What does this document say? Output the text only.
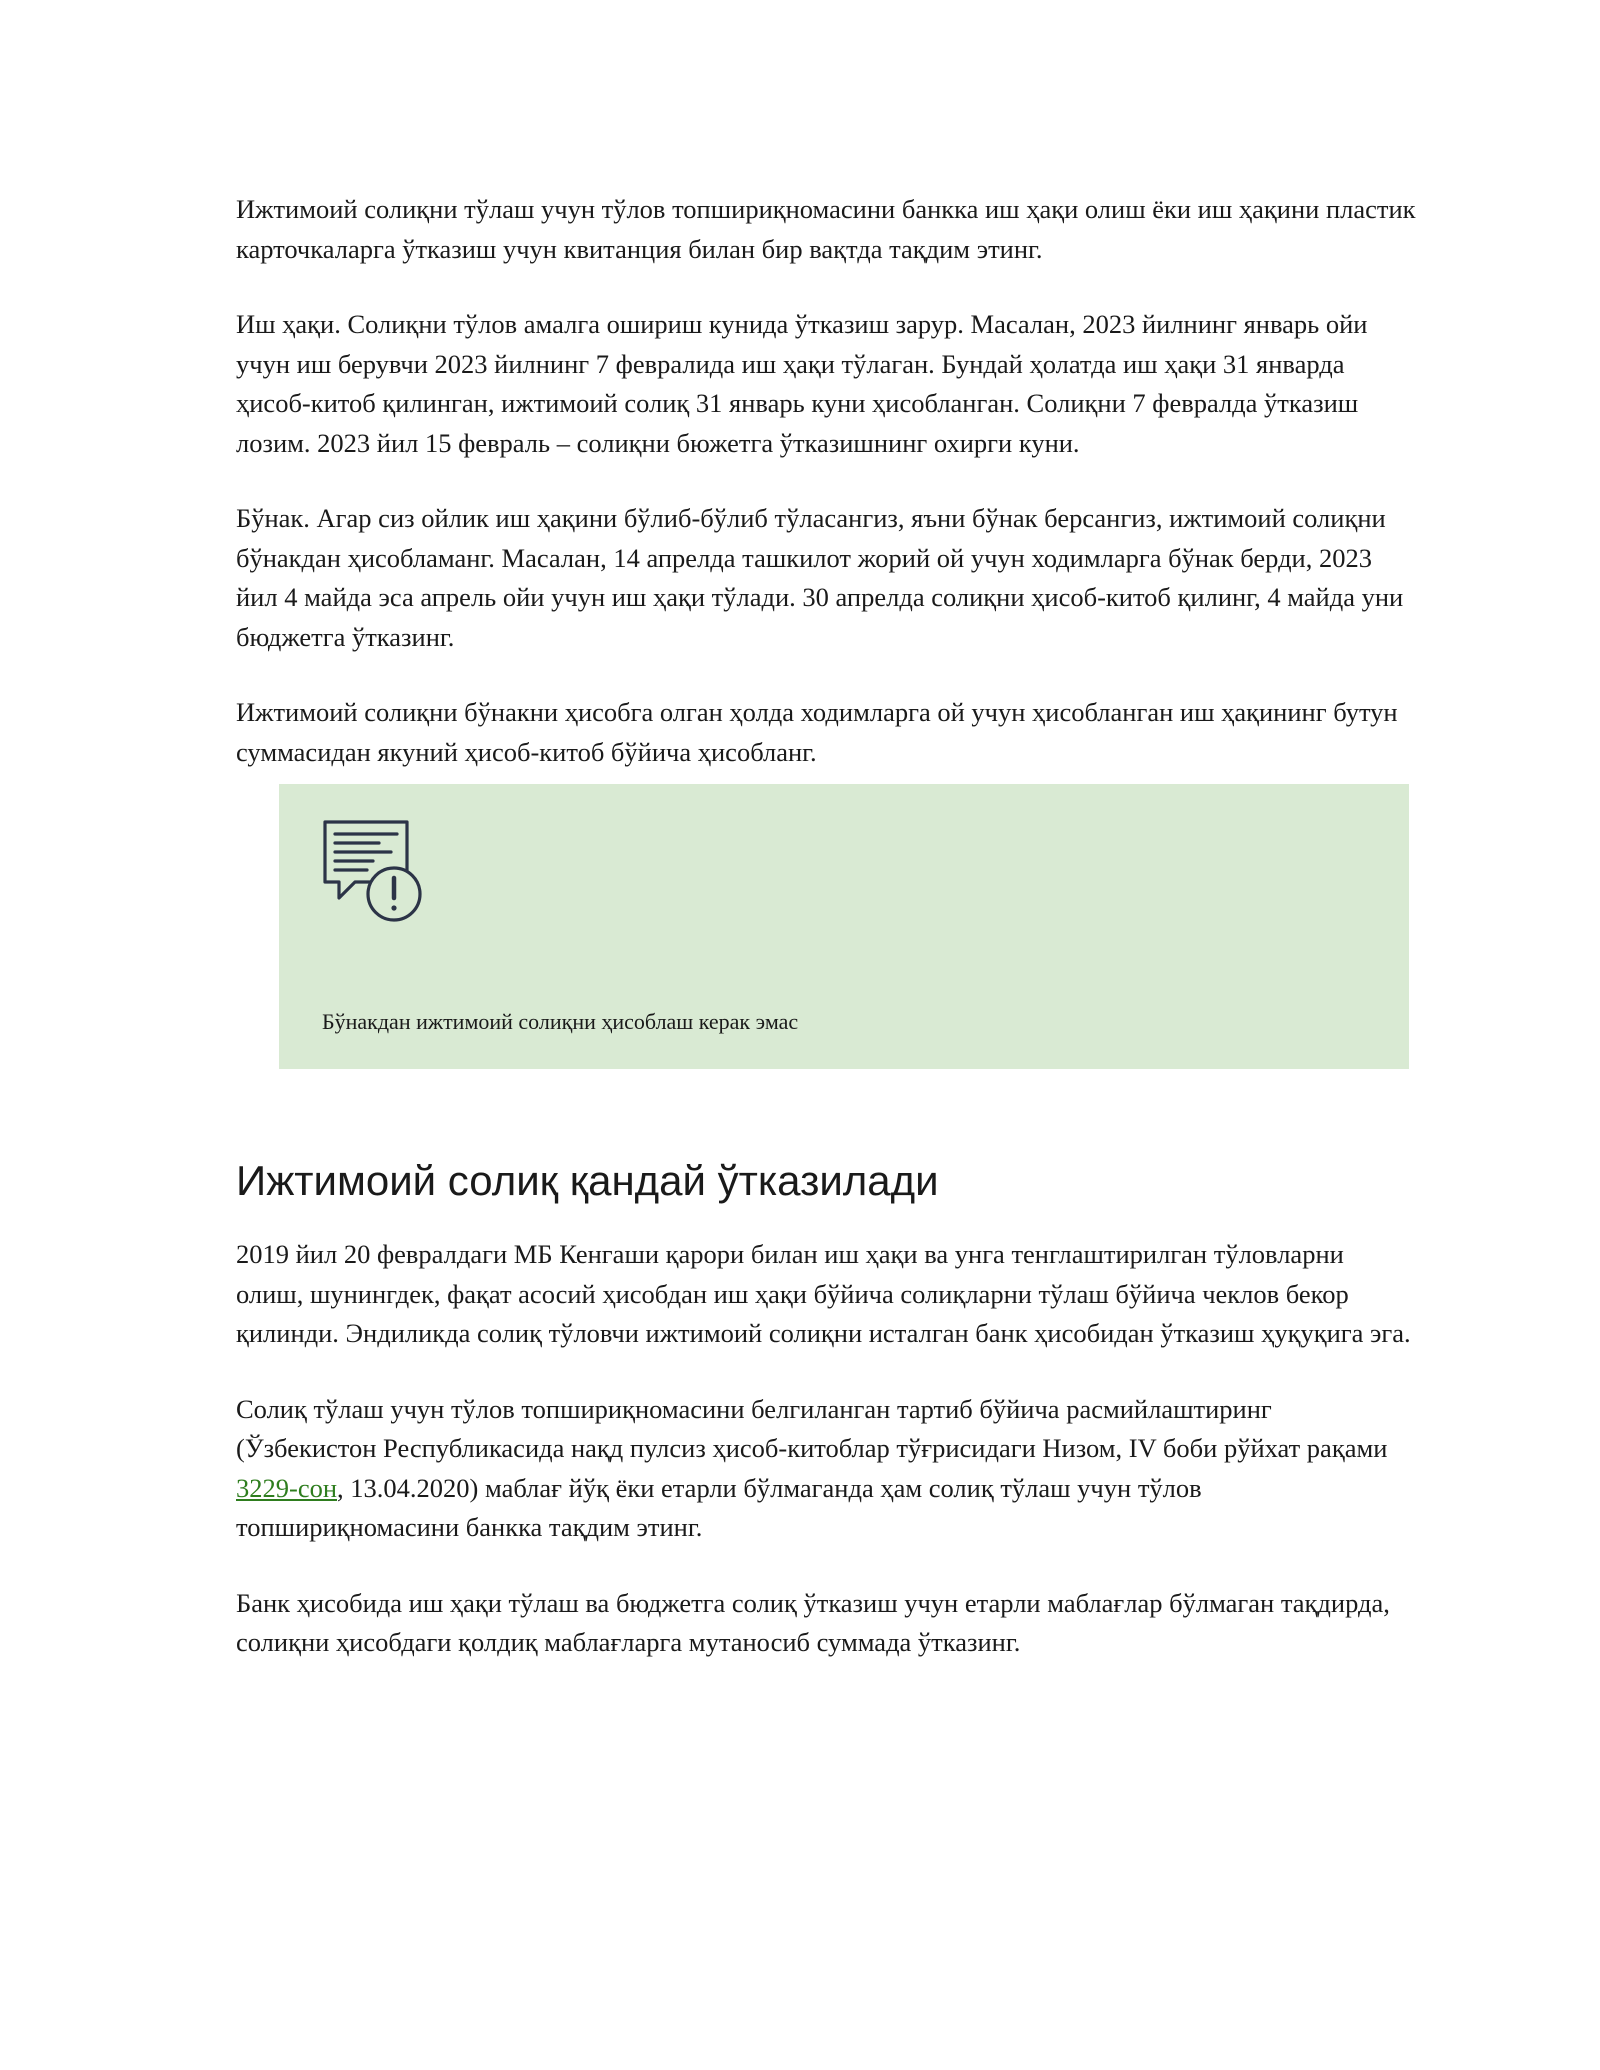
Ижтимоий солиқни тўлаш учун тўлов топшириқномасини банкка иш ҳақи олиш ёки иш ҳақини пластик карточкаларга ўтказиш учун квитанция билан бир вақтда тақдим этинг.

Иш ҳақи. Солиқни тўлов амалга ошириш кунида ўтказиш зарур. Масалан, 2023 йилнинг январь ойи учун иш берувчи 2023 йилнинг 7 февралида иш ҳақи тўлаган. Бундай ҳолатда иш ҳақи 31 январда ҳисоб-китоб қилинган, ижтимоий солиқ 31 январь куни ҳисобланган. Солиқни 7 февралда ўтказиш лозим. 2023 йил 15 февраль – солиқни бюжетга ўтказишнинг охирги куни.

Бўнак. Агар сиз ойлик иш ҳақини бўлиб-бўлиб тўласангиз, яъни бўнак берсангиз, ижтимоий солиқни бўнакдан ҳисобламанг. Масалан, 14 апрелда ташкилот жорий ой учун ходимларга бўнак берди, 2023 йил 4 майда эса апрель ойи учун иш ҳақи тўлади. 30 апрелда солиқни ҳисоб-китоб қилинг, 4 майда уни бюджетга ўтказинг.

Ижтимоий солиқни бўнакни ҳисобга олган ҳолда ходимларга ой учун ҳисобланган иш ҳақининг бутун суммасидан якуний ҳисоб-китоб бўйича ҳисобланг.

Бўнакдан ижтимоий солиқни ҳисоблаш керак эмас
Ижтимоий солиқ қандай ўтказилади

2019 йил 20 февралдаги МБ Кенгаши қарори билан иш ҳақи ва унга тенглаштирилган тўловларни олиш, шунингдек, фақат асосий ҳисобдан иш ҳақи бўйича солиқларни тўлаш бўйича чеклов бекор қилинди. Эндиликда солиқ тўловчи ижтимоий солиқни исталган банк ҳисобидан ўтказиш ҳуқуқига эга.

Солиқ тўлаш учун тўлов топшириқномасини белгиланган тартиб бўйича расмийлаштиринг (Ўзбекистон Республикасида нақд пулсиз ҳисоб-китоблар тўғрисидаги Низом, IV боби рўйхат рақами 3229-сон, 13.04.2020) маблағ йўқ ёки етарли бўлмаганда ҳам солиқ тўлаш учун тўлов топшириқномасини банкка тақдим этинг.

Банк ҳисобида иш ҳақи тўлаш ва бюджетга солиқ ўтказиш учун етарли маблағлар бўлмаган тақдирда, солиқни ҳисобдаги қолдиқ маблағларга мутаносиб суммада ўтказинг.
